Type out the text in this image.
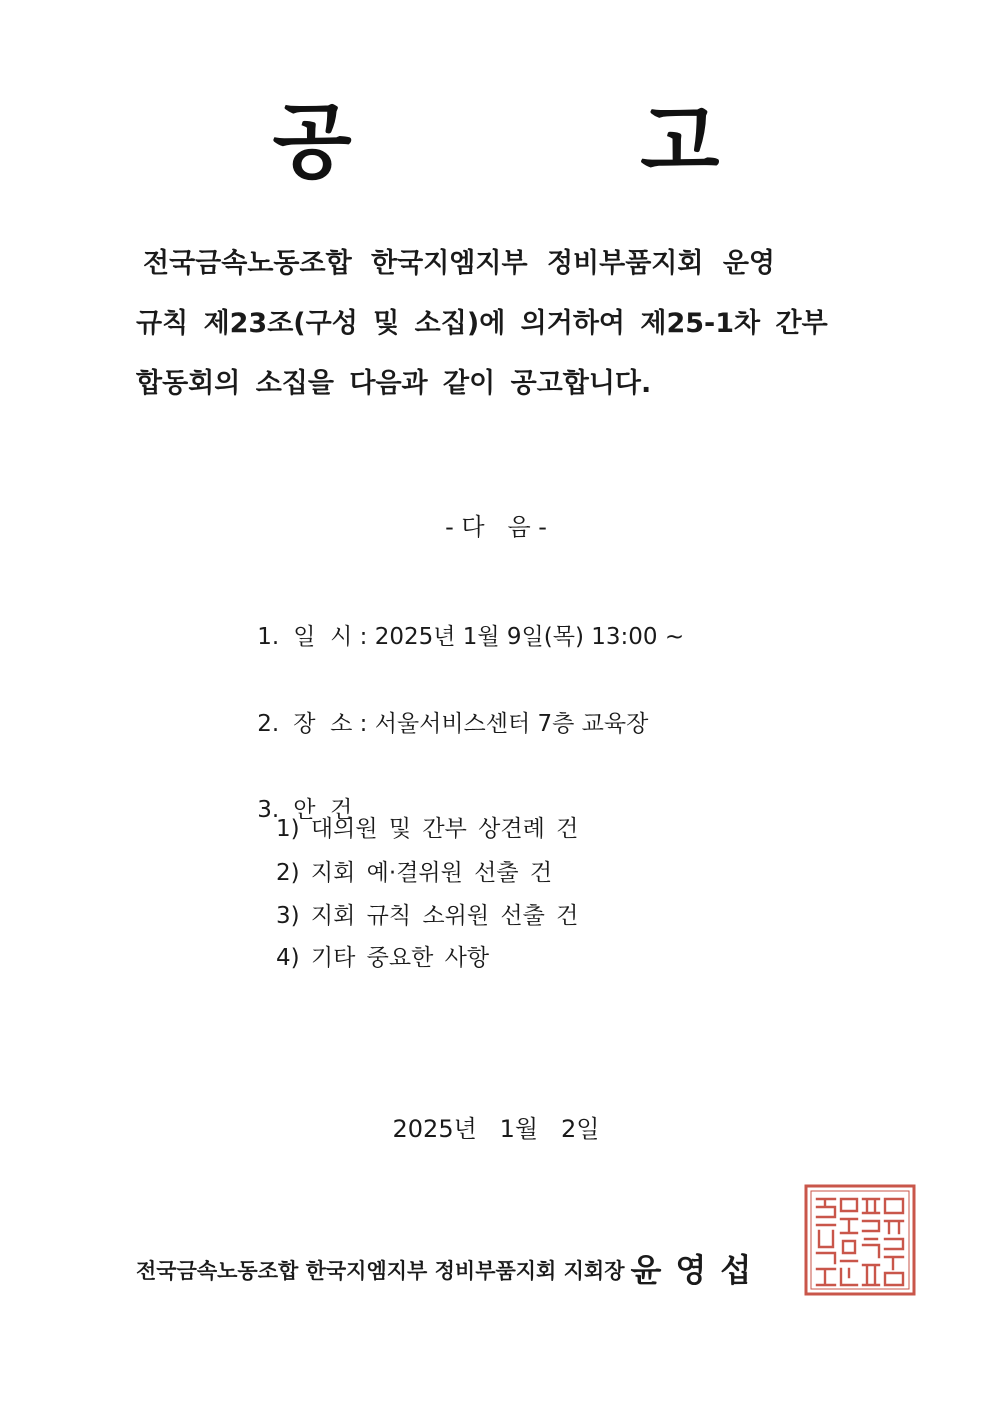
공 고
전국금속노동조합 한국지엠지부 정비부품지회 운영
규칙 제23조(구성 및 소집)에 의거하여 제25-1차 간부
합동회의 소집을 다음과 같이 공고합니다.
- 다   음 -

1. 일  시 : 2025년 1월 9일(목) 13:00 ~

2. 장  소 : 서울서비스센터 7층 교육장

3. 안  건

1) 대의원 및 간부 상견례 건
2) 지회 예·결위원 선출 건
3) 지회 규칙 소위원 선출 건
4) 기타 중요한 사항
2025년   1월   2일
전국금속노동조합 한국지엠지부 정비부품지회 지회장 윤영섭
